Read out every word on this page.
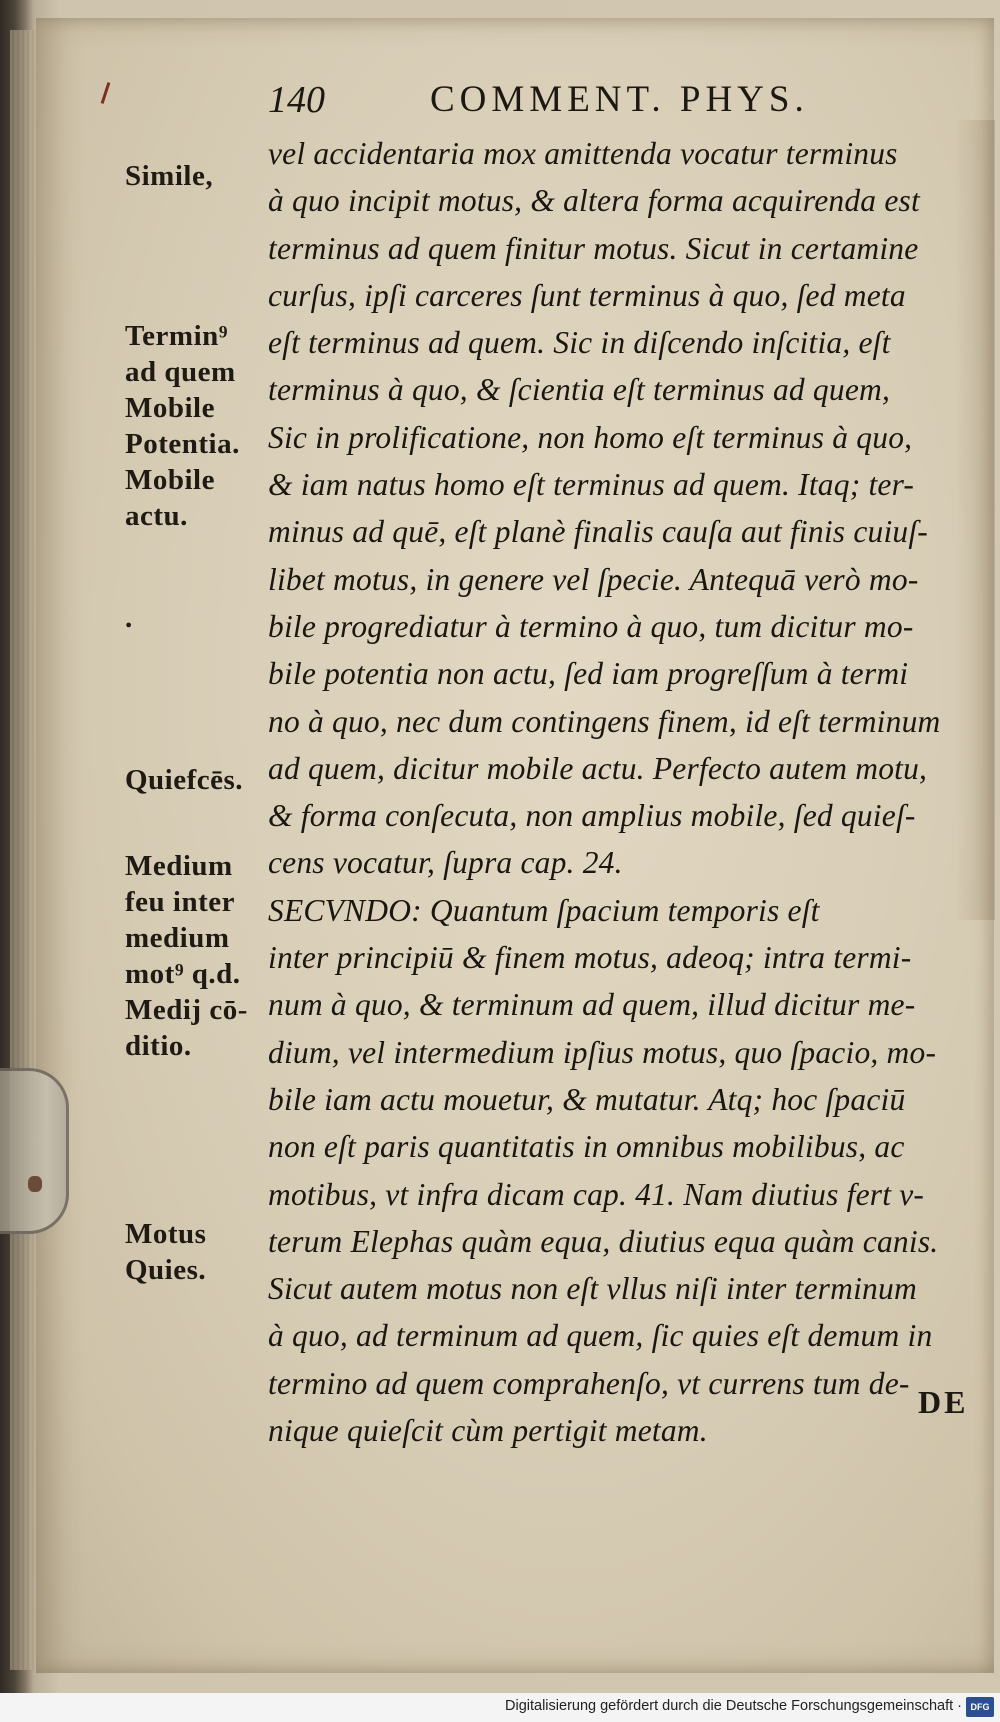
140	COMMENT. PHYS.
Simile,
Termin⁹
ad quem
Mobile
Potentia.
Mobile
actu.
.
Quiefcēs.
Medium
feu inter
medium
mot⁹ q.d.
Medij cō-
ditio.
Motus
Quies.
vel accidentaria mox amittenda vocatur terminus
à quo incipit motus, & altera forma acquirenda est
terminus ad quem finitur motus. Sicut in certamine
curſus, ipſi carceres ſunt terminus à quo, ſed meta
eſt terminus ad quem. Sic in diſcendo inſcitia, eſt
terminus à quo, & ſcientia eſt terminus ad quem,
Sic in prolificatione, non homo eſt terminus à quo,
& iam natus homo eſt terminus ad quem. Itaq; ter-
minus ad quē, eſt planè finalis cauſa aut finis cuiuſ-
libet motus, in genere vel ſpecie. Antequā verò mo-
bile progrediatur à termino à quo, tum dicitur mo-
bile potentia non actu, ſed iam progreſſum à termi
no à quo, nec dum contingens finem, id eſt terminum
ad quem, dicitur mobile actu. Perfecto autem motu,
& forma conſecuta, non amplius mobile, ſed quieſ-
cens vocatur, ſupra cap. 24.
SECVNDO: Quantum ſpacium temporis eſt
inter principiū & finem motus, adeoq; intra termi-
num à quo, & terminum ad quem, illud dicitur me-
dium, vel intermedium ipſius motus, quo ſpacio, mo-
bile iam actu mouetur, & mutatur. Atq; hoc ſpaciū
non eſt paris quantitatis in omnibus mobilibus, ac
motibus, vt infra dicam cap. 41. Nam diutius fert v-
terum Elephas quàm equa, diutius equa quàm canis.
Sicut autem motus non eſt vllus niſi inter terminum
à quo, ad terminum ad quem, ſic quies eſt demum in
termino ad quem comprahenſo, vt currens tum de-
nique quieſcit cùm pertigit metam.
DE
Digitalisierung gefördert durch die Deutsche Forschungsgemeinschaft · DFG
